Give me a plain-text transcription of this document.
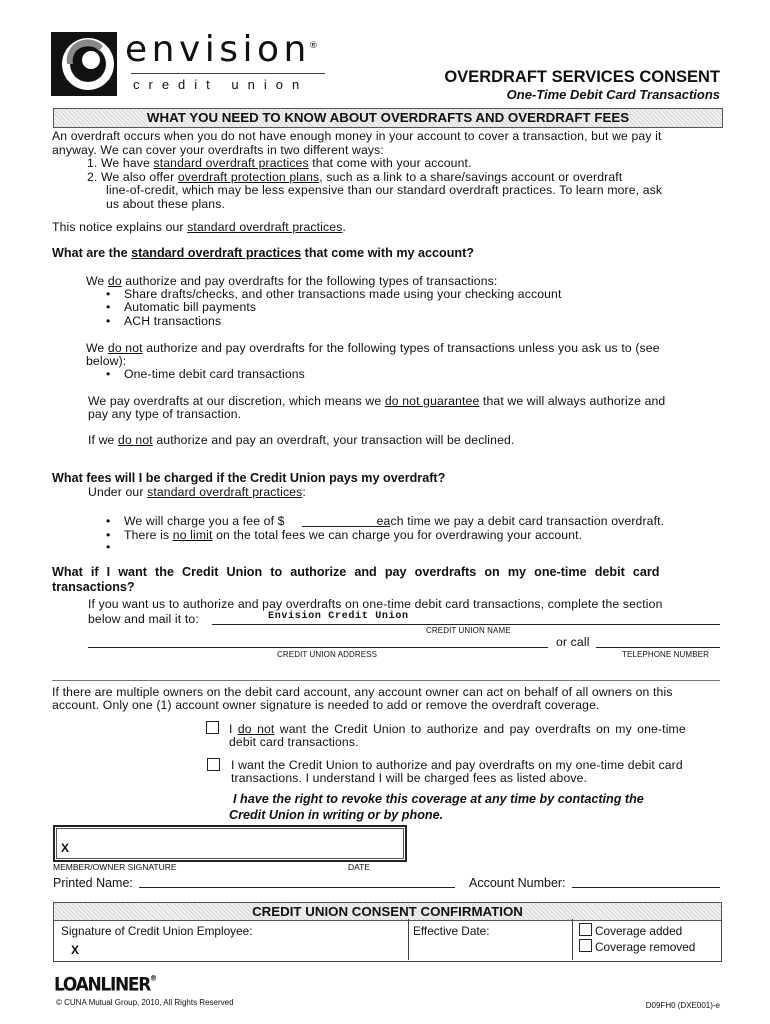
envision®
credit union	OVERDRAFT SERVICES CONSENT
One-Time Debit Card Transactions
WHAT YOU NEED TO KNOW ABOUT OVERDRAFTS AND OVERDRAFT FEES
An overdraft occurs when you do not have enough money in your account to cover a transaction, but we pay it
anyway. We can cover your overdrafts in two different ways:
1. We have standard overdraft practices that come with your account.
2. We also offer overdraft protection plans, such as a link to a share/savings account or overdraft
line-of-credit, which may be less expensive than our standard overdraft practices. To learn more, ask
us about these plans.
This notice explains our standard overdraft practices.
What are the standard overdraft practices that come with my account?
We do authorize and pay overdrafts for the following types of transactions:
• Share drafts/checks, and other transactions made using your checking account
• Automatic bill payments
• ACH transactions
We do not authorize and pay overdrafts for the following types of transactions unless you ask us to (see
below):
• One-time debit card transactions
We pay overdrafts at our discretion, which means we do not guarantee that we will always authorize and
pay any type of transaction.
If we do not authorize and pay an overdraft, your transaction will be declined.
What fees will I be charged if the Credit Union pays my overdraft?
Under our standard overdraft practices:
• We will charge you a fee of $	each time we pay a debit card transaction overdraft.
• There is no limit on the total fees we can charge you for overdrawing your account.
•
What if I want the Credit Union to authorize and pay overdrafts on my one-time debit card
transactions?
If you want us to authorize and pay overdrafts on one-time debit card transactions, complete the section
below and mail it to:	Envision Credit Union
CREDIT UNION NAME
or call
CREDIT UNION ADDRESS	TELEPHONE NUMBER
If there are multiple owners on the debit card account, any account owner can act on behalf of all owners on this
account. Only one (1) account owner signature is needed to add or remove the overdraft coverage.
I do not want the Credit Union to authorize and pay overdrafts on my one-time
debit card transactions.
I want the Credit Union to authorize and pay overdrafts on my one-time debit card
transactions. I understand I will be charged fees as listed above.
I have the right to revoke this coverage at any time by contacting the
Credit Union in writing or by phone.
X
MEMBER/OWNER SIGNATURE	DATE
Printed Name:	Account Number:
CREDIT UNION CONSENT CONFIRMATION
Signature of Credit Union Employee:
X
Effective Date:	Coverage added
Coverage removed
LOANLINER®
© CUNA Mutual Group, 2010, All Rights Reserved	D09FH0 (DXE001)-e
